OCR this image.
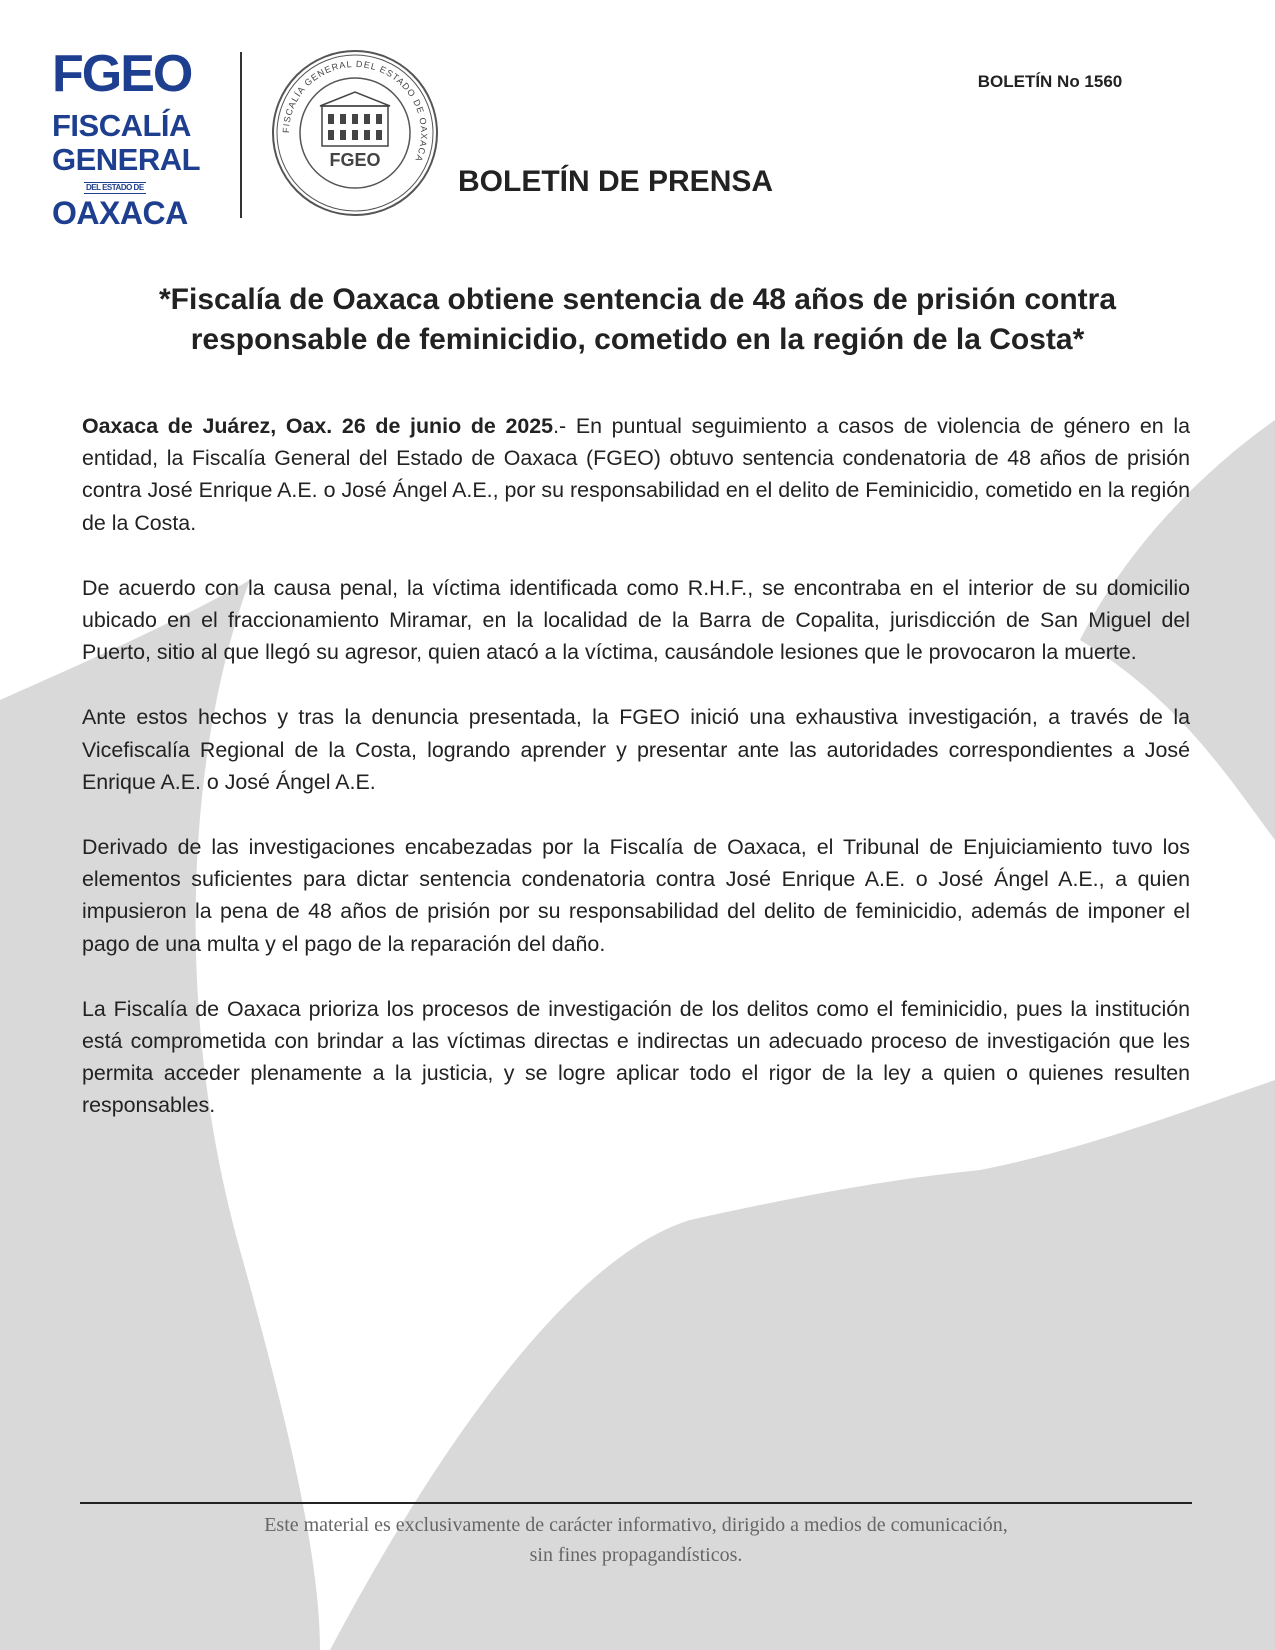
FGEO
FISCALÍA
GENERAL
DEL ESTADO DE
OAXACA
FISCALÍA GENERAL DEL ESTADO DE OAXACA
FGEO
BOLETÍN No 1560
BOLETÍN DE PRENSA
*Fiscalía de Oaxaca obtiene sentencia de 48 años de prisión contra
responsable de feminicidio, cometido en la región de la Costa*

Oaxaca de Juárez, Oax. 26 de junio de 2025.- En puntual seguimiento a casos de violencia de género en la entidad, la Fiscalía General del Estado de Oaxaca (FGEO) obtuvo sentencia condenatoria de 48 años de prisión contra José Enrique A.E. o José Ángel A.E., por su responsabilidad en el delito de Feminicidio, cometido en la región de la Costa.

De acuerdo con la causa penal, la víctima identificada como R.H.F., se encontraba en el interior de su domicilio ubicado en el fraccionamiento Miramar, en la localidad de la Barra de Copalita, jurisdicción de San Miguel del Puerto, sitio al que llegó su agresor, quien atacó a la víctima, causándole lesiones que le provocaron la muerte.

Ante estos hechos y tras la denuncia presentada, la FGEO inició una exhaustiva investigación, a través de la Vicefiscalía Regional de la Costa, logrando aprender y presentar ante las autoridades correspondientes a José Enrique A.E. o José Ángel A.E.

Derivado de las investigaciones encabezadas por la Fiscalía de Oaxaca, el Tribunal de Enjuiciamiento tuvo los elementos suficientes para dictar sentencia condenatoria contra José Enrique A.E. o José Ángel A.E., a quien impusieron la pena de 48 años de prisión por su responsabilidad del delito de feminicidio, además de imponer el pago de una multa y el pago de la reparación del daño.

La Fiscalía de Oaxaca prioriza los procesos de investigación de los delitos como el feminicidio, pues la institución está comprometida con brindar a las víctimas directas e indirectas un adecuado proceso de investigación que les permita acceder plenamente a la justicia, y se logre aplicar todo el rigor de la ley a quien o quienes resulten responsables.

Este material es exclusivamente de carácter informativo, dirigido a medios de comunicación,
sin fines propagandísticos.
